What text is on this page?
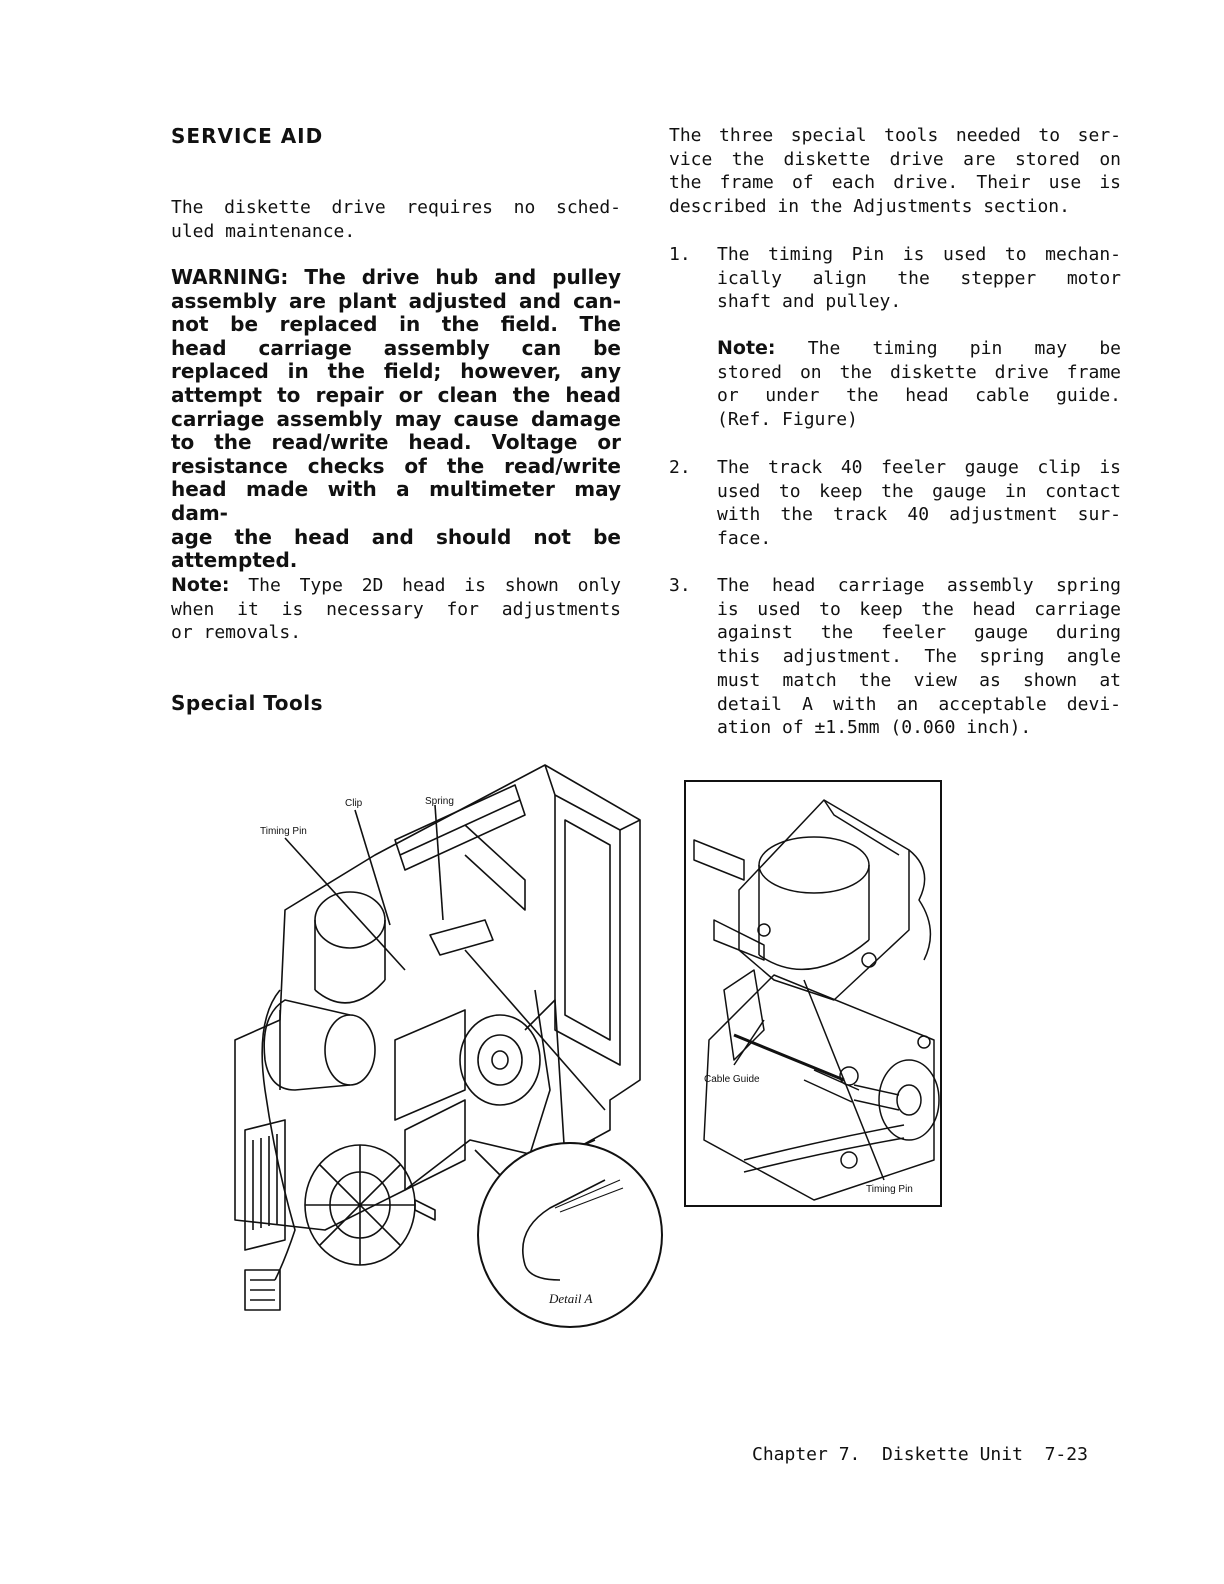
SERVICE AID
The diskette drive requires no sched-
uled maintenance.
WARNING: The drive hub and pulley
assembly are plant adjusted and can-
not be replaced in the field. The
head carriage assembly can be
replaced in the field; however, any
attempt to repair or clean the head
carriage assembly may cause damage
to the read/write head. Voltage or
resistance checks of the read/write
head made with a multimeter may dam-
age the head and should not be
attempted.
Note: The Type 2D head is shown only
when it is necessary for adjustments
or removals.
Special Tools
The three special tools needed to ser-
vice the diskette drive are stored on
the frame of each drive. Their use is
described in the Adjustments section.
1. The timing Pin is used to mechan-
ically align the stepper motor
shaft and pulley.
Note: The timing pin may be
stored on the diskette drive frame
or under the head cable guide.
(Ref. Figure)
2. The track 40 feeler gauge clip is
used to keep the gauge in contact
with the track 40 adjustment sur-
face.
3. The head carriage assembly spring
is used to keep the head carriage
against the feeler gauge during
this adjustment. The spring angle
must match the view as shown at
detail A with an acceptable devi-
ation of ±1.5mm (0.060 inch).
Clip	Spring
Timing Pin
Detail A
Cable Guide
Timing Pin
Chapter 7.  Diskette Unit  7-23
